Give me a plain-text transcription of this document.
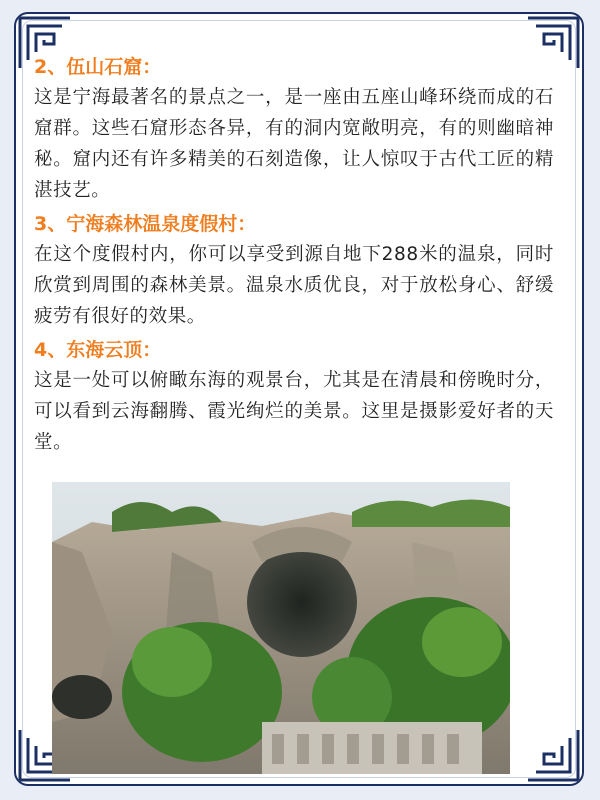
2、伍山石窟：

这是宁海最著名的景点之一，是一座由五座山峰环绕而成的石窟群。这些石窟形态各异，有的洞内宽敞明亮，有的则幽暗神秘。窟内还有许多精美的石刻造像，让人惊叹于古代工匠的精湛技艺。

3、宁海森林温泉度假村：

在这个度假村内，你可以享受到源自地下288米的温泉，同时欣赏到周围的森林美景。温泉水质优良，对于放松身心、舒缓疲劳有很好的效果。

4、东海云顶：

这是一处可以俯瞰东海的观景台，尤其是在清晨和傍晚时分，可以看到云海翻腾、霞光绚烂的美景。这里是摄影爱好者的天堂。
